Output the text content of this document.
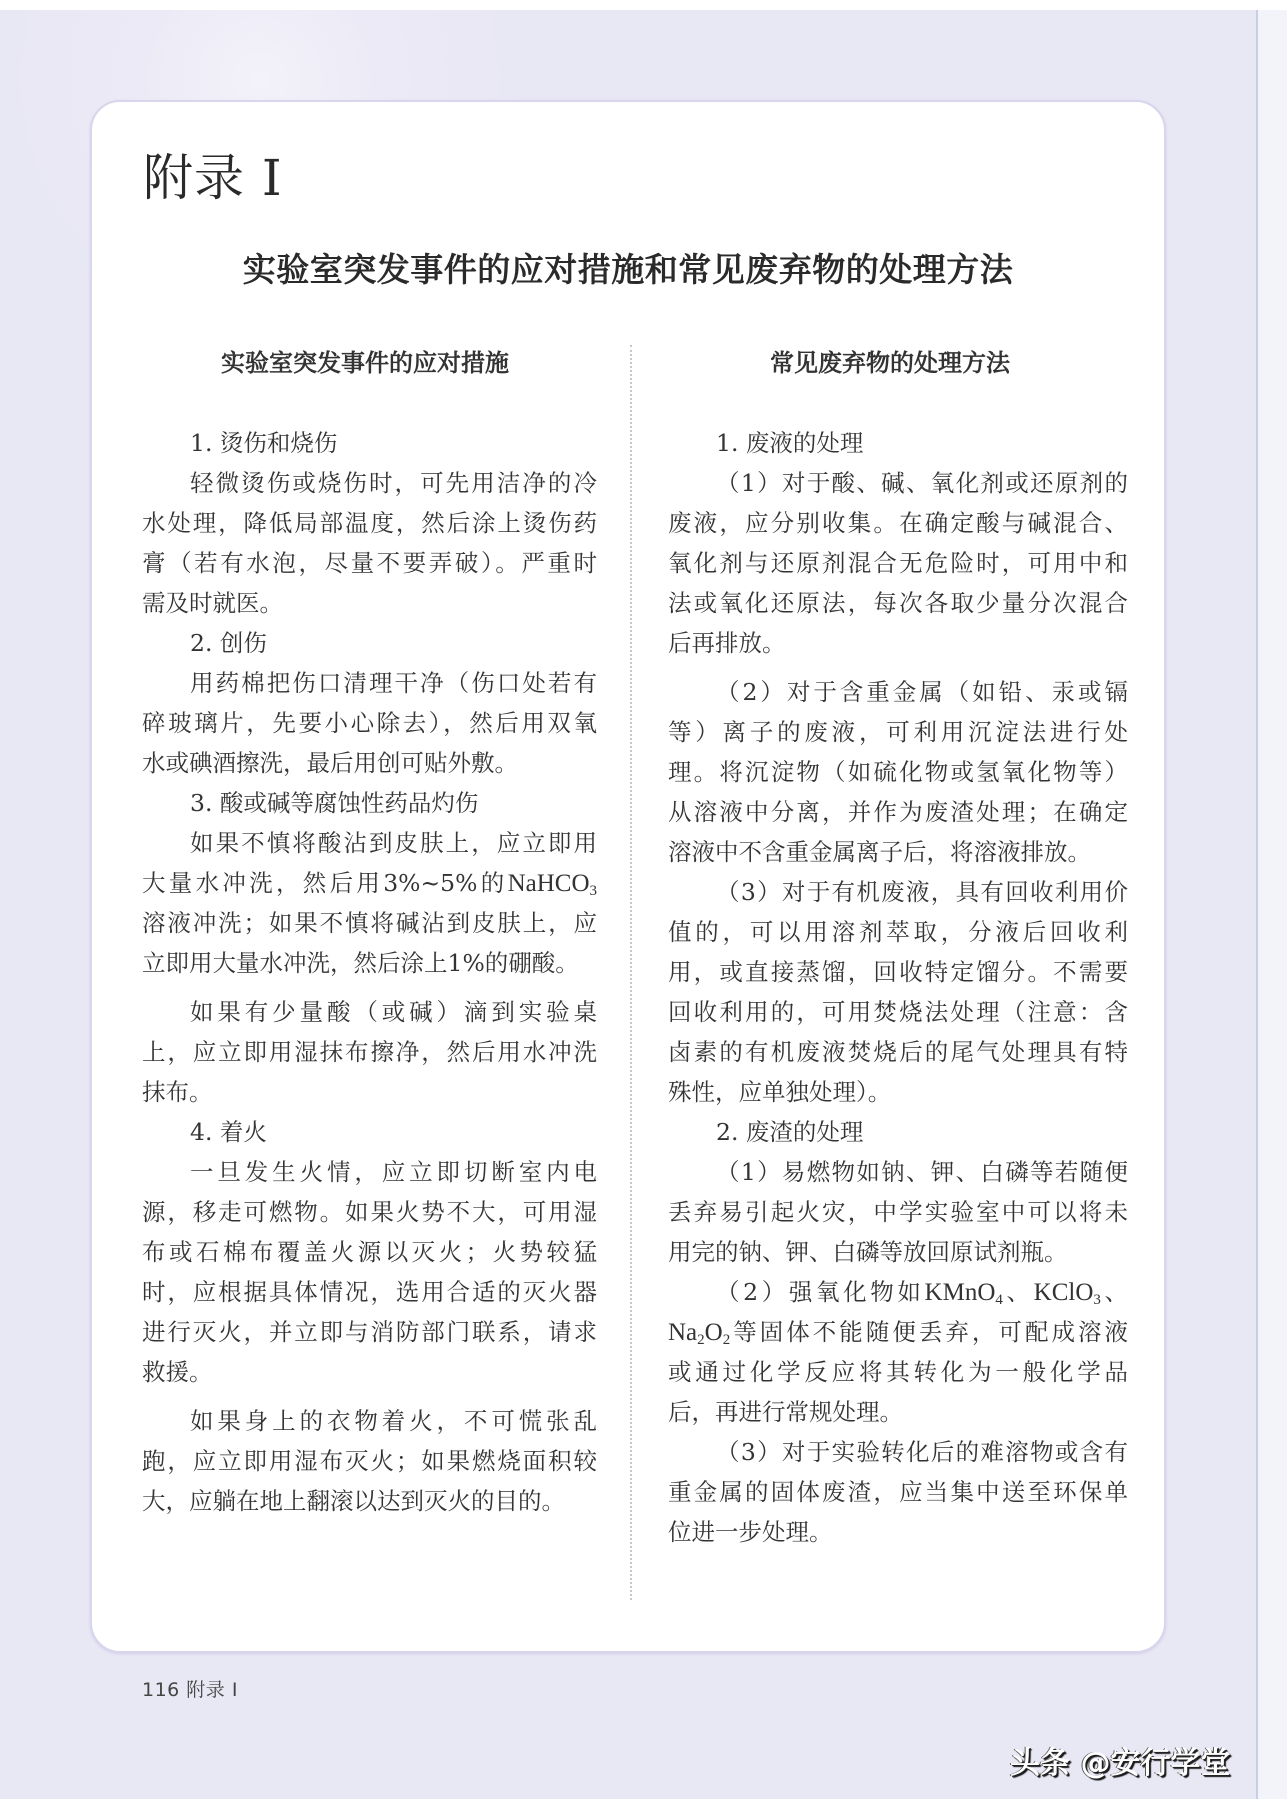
附录 I
实验室突发事件的应对措施和常见废弃物的处理方法
实验室突发事件的应对措施	常见废弃物的处理方法
1. 烫伤和烧伤
轻微烫伤或烧伤时，可先用洁净的冷
水处理，降低局部温度，然后涂上烫伤药
膏（若有水泡，尽量不要弄破）。严重时
需及时就医。
2. 创伤
用药棉把伤口清理干净（伤口处若有
碎玻璃片，先要小心除去），然后用双氧
水或碘酒擦洗，最后用创可贴外敷。
3. 酸或碱等腐蚀性药品灼伤
如果不慎将酸沾到皮肤上，应立即用
大量水冲洗，然后用3%~5%的NaHCO$_3$
溶液冲洗；如果不慎将碱沾到皮肤上，应
立即用大量水冲洗，然后涂上1%的硼酸。
如果有少量酸（或碱）滴到实验桌
上，应立即用湿抹布擦净，然后用水冲洗
抹布。
4. 着火
一旦发生火情，应立即切断室内电
源，移走可燃物。如果火势不大，可用湿
布或石棉布覆盖火源以灭火；火势较猛
时，应根据具体情况，选用合适的灭火器
进行灭火，并立即与消防部门联系，请求
救援。
如果身上的衣物着火，不可慌张乱
跑，应立即用湿布灭火；如果燃烧面积较
大，应躺在地上翻滚以达到灭火的目的。
1. 废液的处理
（1）对于酸、碱、氧化剂或还原剂的
废液，应分别收集。在确定酸与碱混合、
氧化剂与还原剂混合无危险时，可用中和
法或氧化还原法，每次各取少量分次混合
后再排放。
（2）对于含重金属（如铅、汞或镉
等）离子的废液，可利用沉淀法进行处
理。将沉淀物（如硫化物或氢氧化物等）
从溶液中分离，并作为废渣处理；在确定
溶液中不含重金属离子后，将溶液排放。
（3）对于有机废液，具有回收利用价
值的，可以用溶剂萃取，分液后回收利
用，或直接蒸馏，回收特定馏分。不需要
回收利用的，可用焚烧法处理（注意：含
卤素的有机废液焚烧后的尾气处理具有特
殊性，应单独处理）。
2. 废渣的处理
（1）易燃物如钠、钾、白磷等若随便
丢弃易引起火灾，中学实验室中可以将未
用完的钠、钾、白磷等放回原试剂瓶。
（2）强氧化物如KMnO$_4$、KClO$_3$、
$Na_2O_2$等固体不能随便丢弃，可配成溶液
或通过化学反应将其转化为一般化学品
后，再进行常规处理。
（3）对于实验转化后的难溶物或含有
重金属的固体废渣，应当集中送至环保单
位进一步处理。
116 附录 I
头条 @安行学堂
